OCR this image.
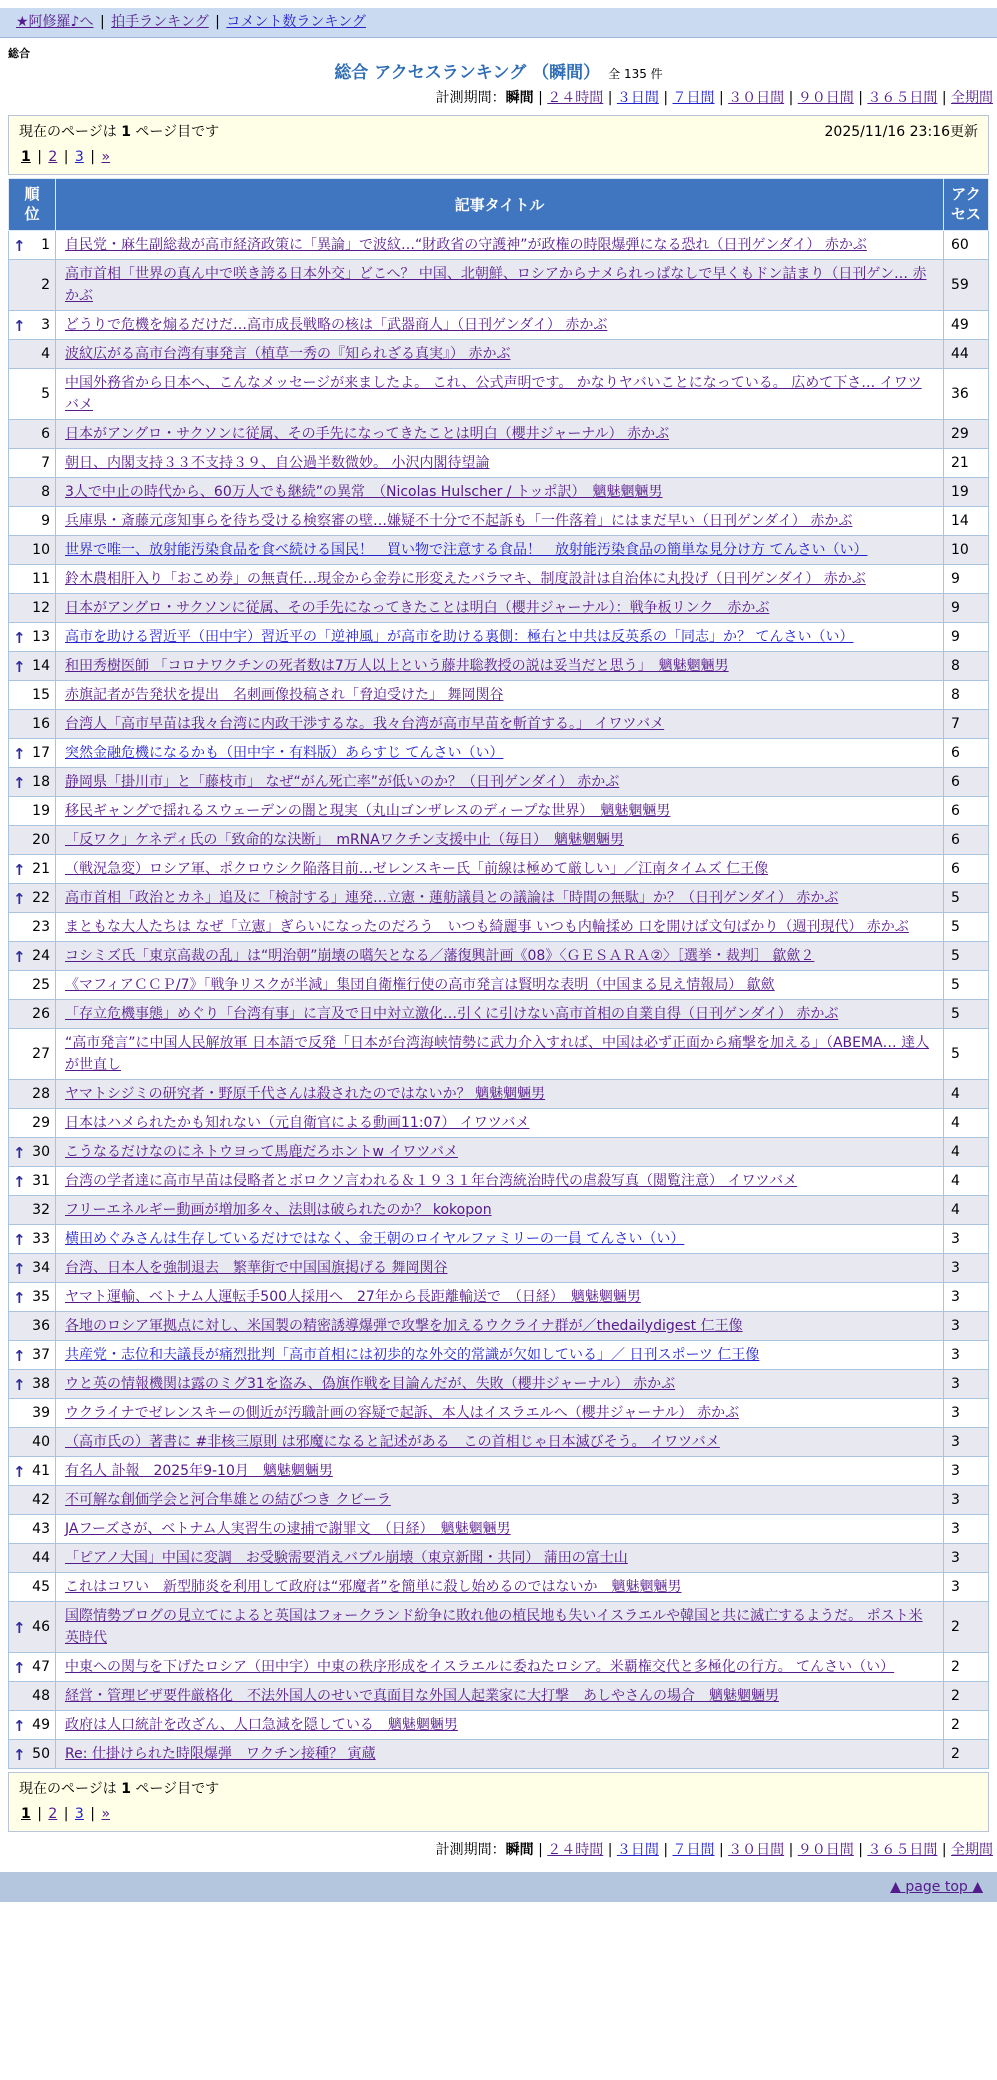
★阿修羅♪へ | 拍手ランキング | コメント数ランキング
総合
総合 アクセスランキング （瞬間） 全 135 件
計測期間：瞬間 | ２４時間 | ３日間 | ７日間 | ３０日間 | ９０日間 | ３６５日間 | 全期間
現在のページは 1 ページ目です	2025/11/16 23:16更新
1 | 2 | 3 | »
順位	記事タイトル	アクセス

↑ 1	自民党・麻生副総裁が高市経済政策に「異論」で波紋…“財政省の守護神”が政権の時限爆弾になる恐れ（日刊ゲンダイ） 赤かぶ	60
2	高市首相「世界の真ん中で咲き誇る日本外交」どこへ？ 中国、北朝鮮、ロシアからナメられっぱなしで早くもドン詰まり（日刊ゲン… 赤かぶ	59

↑ 3	どうりで危機を煽るだけだ…高市成長戦略の核は「武器商人」（日刊ゲンダイ） 赤かぶ	49
4	波紋広がる高市台湾有事発言（植草一秀の『知られざる真実』） 赤かぶ	44
5	中国外務省から日本へ、こんなメッセージが来ましたよ。 これ、公式声明です。 かなりヤバいことになっている。 広めて下さ… イワツバメ	36
6	日本がアングロ・サクソンに従属、その手先になってきたことは明白（櫻井ジャーナル） 赤かぶ	29
7	朝日、内閣支持３３不支持３９、自公過半数微妙。 小沢内閣待望論	21
8	3人で中止の時代から、60万人でも継続”の異常　（Nicolas Hulscher / トッポ訳）　魑魅魍魎男	19
9	兵庫県・斎藤元彦知事らを待ち受ける検察審の壁…嫌疑不十分で不起訴も「一件落着」にはまだ早い（日刊ゲンダイ） 赤かぶ	14
10	世界で唯一、放射能汚染食品を食べ続ける国民！　買い物で注意する食品！　放射能汚染食品の簡単な見分け方 てんさい（い）	10
11	鈴木農相肝入り「おこめ券」の無責任…現金から金券に形変えたバラマキ、制度設計は自治体に丸投げ（日刊ゲンダイ） 赤かぶ	9
12	日本がアングロ・サクソンに従属、その手先になってきたことは明白（櫻井ジャーナル）：戦争板リンク　赤かぶ	9

↑ 13	高市を助ける習近平（田中宇）習近平の「逆神風」が高市を助ける裏側：極右と中共は反英系の「同志」か？ てんさい（い）	9

↑ 14	和田秀樹医師 「コロナワクチンの死者数は7万人以上という藤井聡教授の説は妥当だと思う」　魑魅魍魎男	8
15	赤旗記者が告発状を提出　名刺画像投稿され「脅迫受けた」 舞岡関谷	8
16	台湾人「高市早苗は我々台湾に内政干渉するな。我々台湾が高市早苗を斬首する。」 イワツバメ	7

↑ 17	突然金融危機になるかも（田中宇・有料版）あらすじ てんさい（い）	6

↑ 18	静岡県「掛川市」と「藤枝市」 なぜ“がん死亡率”が低いのか？（日刊ゲンダイ） 赤かぶ	6
19	移民ギャングで揺れるスウェーデンの闇と現実（丸山ゴンザレスのディープな世界）　魑魅魍魎男	6
20	「反ワク」ケネディ氏の「致命的な決断」　mRNAワクチン支援中止（毎日）　魑魅魍魎男	6

↑ 21	（戦況急変）ロシア軍、ポクロウシク陥落目前…ゼレンスキー氏「前線は極めて厳しい」／江南タイムズ 仁王像	6

↑ 22	高市首相「政治とカネ」追及に「検討する」連発…立憲・蓮舫議員との議論は「時間の無駄」か？（日刊ゲンダイ） 赤かぶ	5
23	まともな大人たちは なぜ「立憲」ぎらいになったのだろう　いつも綺麗事 いつも内輪揉め 口を開けば文句ばかり（週刊現代） 赤かぶ	5

↑ 24	コシミズ氏「東京高裁の乱」は“明治朝”崩壊の嚆矢となる／藩復興計画《08》〈ＧＥＳＡＲＡ②〉［選挙・裁判］ 歙歛２	5
25	《マフィアＣＣＰ/7》「戦争リスクが半減」集団自衛権行使の高市発言は賢明な表明（中国まる見え情報局） 歙歛	5
26	「存立危機事態」めぐり「台湾有事」に言及で日中対立激化…引くに引けない高市首相の自業自得（日刊ゲンダイ） 赤かぶ	5
27	“高市発言”に中国人民解放軍 日本語で反発「日本が台湾海峡情勢に武力介入すれば、中国は必ず正面から痛撃を加える」（ABEMA… 達人が世直し	5
28	ヤマトシジミの研究者・野原千代さんは殺されたのではないか？ 魑魅魍魎男	4
29	日本はハメられたかも知れない（元自衛官による動画11:07） イワツバメ	4

↑ 30	こうなるだけなのにネトウヨって馬鹿だろホントw イワツバメ	4

↑ 31	台湾の学者達に高市早苗は侵略者とボロクソ言われる＆１９３１年台湾統治時代の虐殺写真（閲覧注意） イワツバメ	4
32	フリーエネルギー動画が増加多々、法則は破られたのか？ kokopon	4

↑ 33	横田めぐみさんは生存しているだけではなく、金王朝のロイヤルファミリーの一員 てんさい（い）	3

↑ 34	台湾、日本人を強制退去　繁華街で中国国旗掲げる 舞岡関谷	3

↑ 35	ヤマト運輸、ベトナム人運転手500人採用へ　27年から長距離輸送で　（日経）　魑魅魍魎男	3
36	各地のロシア軍拠点に対し、米国製の精密誘導爆弾で攻撃を加えるウクライナ群が／thedailydigest 仁王像	3

↑ 37	共産党・志位和夫議長が痛烈批判「高市首相には初歩的な外交的常識が欠如している」／ 日刊スポーツ 仁王像	3

↑ 38	ウと英の情報機関は露のミグ31を盗み、偽旗作戦を目論んだが、失敗（櫻井ジャーナル） 赤かぶ	3
39	ウクライナでゼレンスキーの側近が汚職計画の容疑で起訴、本人はイスラエルへ（櫻井ジャーナル） 赤かぶ	3
40	（高市氏の）著書に #非核三原則 は邪魔になると記述がある　この首相じゃ日本滅びそう。 イワツバメ	3

↑ 41	有名人 訃報　2025年9-10月　魑魅魍魎男	3
42	不可解な創価学会と河合隼雄との結びつき クビーラ	3
43	JAフーズさが、ベトナム人実習生の逮捕で謝罪文　（日経）　魑魅魍魎男	3
44	「ピアノ大国」中国に変調　お受験需要消えバブル崩壊（東京新聞・共同） 蒲田の富士山	3
45	これはコワい　新型肺炎を利用して政府は“邪魔者”を簡単に殺し始めるのではないか　魑魅魍魎男	3

↑ 46	国際情勢ブログの見立てによると英国はフォークランド紛争に敗れ他の植民地も失いイスラエルや韓国と共に滅亡するようだ。 ポスト米英時代	2

↑ 47	中東への関与を下げたロシア（田中宇）中東の秩序形成をイスラエルに委ねたロシア。米覇権交代と多極化の行方。 てんさい（い）	2
48	経営・管理ビザ要件厳格化　不法外国人のせいで真面目な外国人起業家に大打撃　あしやさんの場合　魑魅魍魎男	2

↑ 49	政府は人口統計を改ざん、人口急減を隠している　魑魅魍魎男	2

↑ 50	Re: 仕掛けられた時限爆弾　ワクチン接種？ 寅蔵	2
現在のページは 1 ページ目です
1 | 2 | 3 | »
計測期間：瞬間 | ２４時間 | ３日間 | ７日間 | ３０日間 | ９０日間 | ３６５日間 | 全期間
▲ page top ▲
